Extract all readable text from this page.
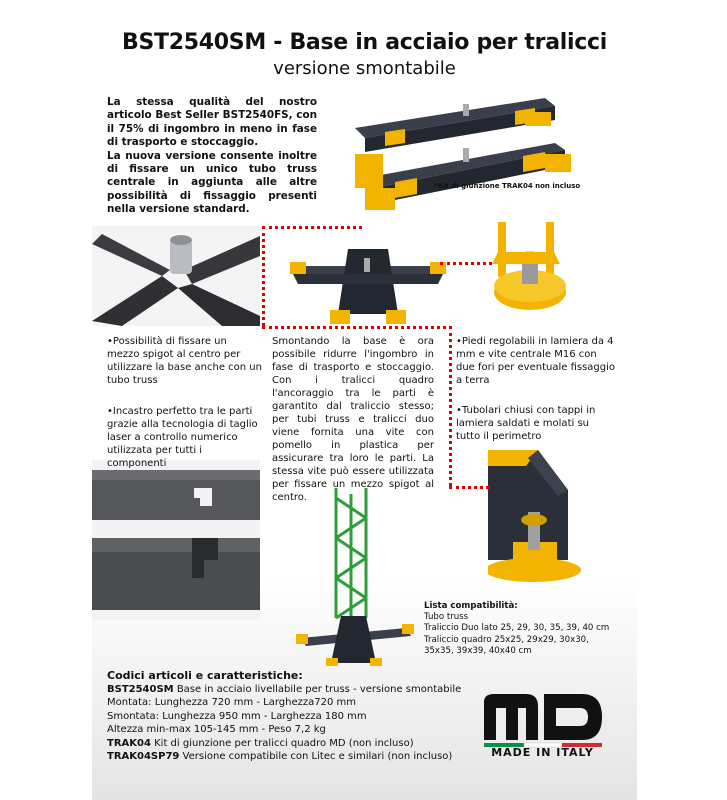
BST2540SM - Base in acciaio per tralicci
versione smontabile
La stessa qualità del nostro articolo Best Seller BST2540FS, con il 75% di ingombro in meno in fase di trasporto e stoccaggio.
La nuova versione consente inoltre di fissare un unico tubo truss centrale in aggiunta alle altre possibilità di fissaggio presenti nella versione standard.
*Kit di giunzione TRAK04 non incluso
•Possibilità di fissare un mezzo spigot al centro per utilizzare la base anche con un tubo truss
•Incastro perfetto tra le parti grazie alla tecnologia di taglio laser a controllo numerico utilizzata per tutti i componenti
•Piedi regolabili in lamiera da 4 mm e vite centrale M16 con due fori per eventuale fissaggio a terra
•Tubolari chiusi con tappi in lamiera saldati e molati su tutto il perimetro
Smontando la base è ora possibile ridurre l'ingombro in fase di trasporto e stoccaggio. Con i tralicci quadro l'ancoraggio tra le parti è garantito dal traliccio stesso; per tubi truss e tralicci duo viene fornita una vite con pomello in plastica per assicurare tra loro le parti. La stessa vite può essere utilizzata per fissare un mezzo spigot al centro.
Lista compatibilità:
Tubo truss
Traliccio Duo lato 25, 29, 30, 35, 39, 40 cm
Traliccio quadro 25x25, 29x29, 30x30,
35x35, 39x39, 40x40 cm
Codici articoli e caratteristiche:
BST2540SM Base in acciaio livellabile per truss - versione smontabile
Montata: Lunghezza 720 mm - Larghezza720 mm
Smontata: Lunghezza 950 mm - Larghezza 180 mm
Altezza min-max 105-145 mm - Peso 7,2 kg
TRAK04 Kit di giunzione per tralicci quadro MD (non incluso)
TRAK04SP79 Versione compatibile con Litec e similari (non incluso)	MADE IN ITALY
